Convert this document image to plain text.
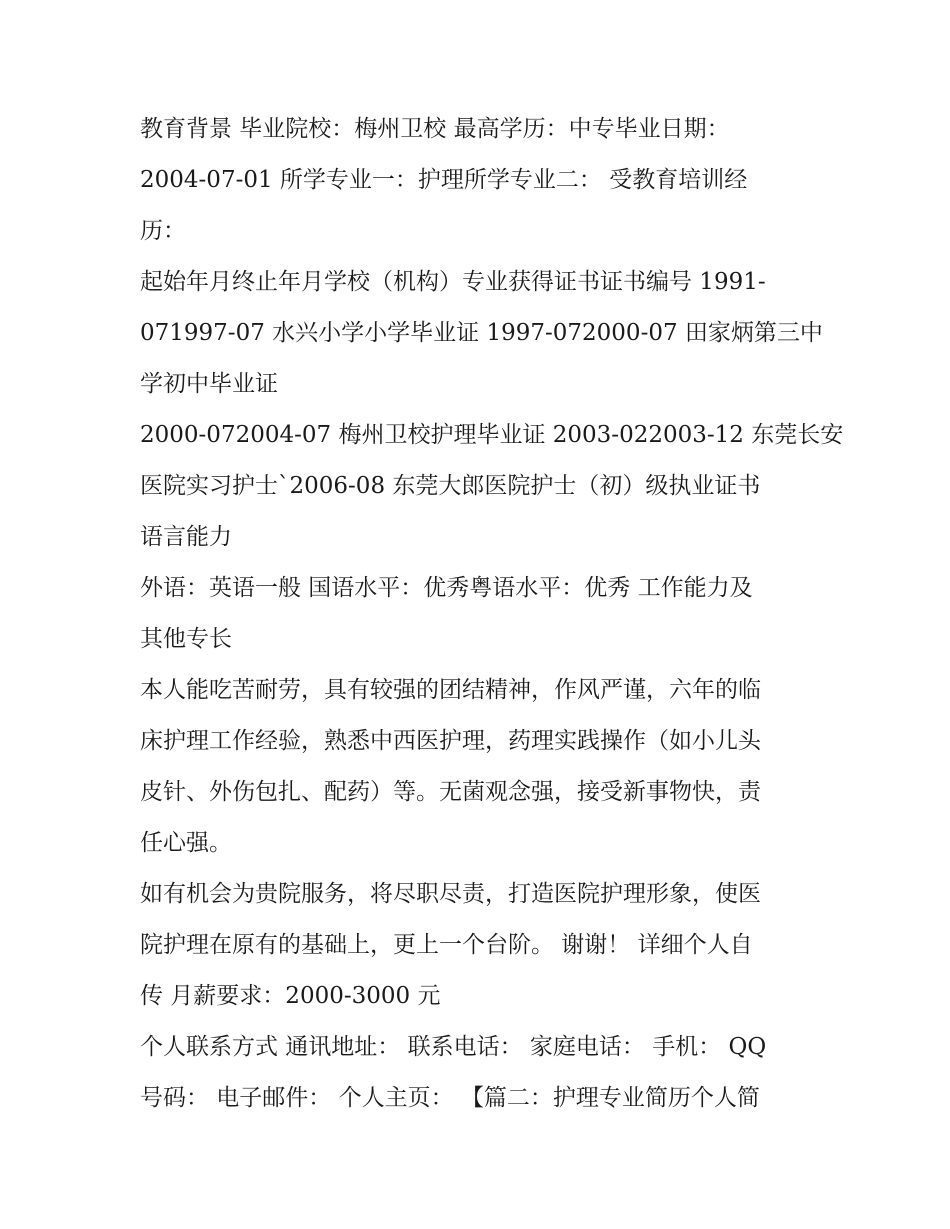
教育背景 毕业院校：梅州卫校 最高学历：中专毕业日期：
2004-07-01 所学专业一：护理所学专业二： 受教育培训经
历：
起始年月终止年月学校（机构）专业获得证书证书编号 1991-
071997-07 水兴小学小学毕业证 1997-072000-07 田家炳第三中
学初中毕业证
2000-072004-07 梅州卫校护理毕业证 2003-022003-12 东莞长安
医院实习护士`2006-08 东莞大郎医院护士（初）级执业证书
语言能力
外语：英语一般 国语水平：优秀粤语水平：优秀 工作能力及
其他专长
本人能吃苦耐劳，具有较强的团结精神，作风严谨，六年的临
床护理工作经验，熟悉中西医护理，药理实践操作（如小儿头
皮针、外伤包扎、配药）等。无菌观念强，接受新事物快，责
任心强。
如有机会为贵院服务，将尽职尽责，打造医院护理形象，使医
院护理在原有的基础上，更上一个台阶。 谢谢！ 详细个人自
传 月薪要求：2000-3000 元
个人联系方式 通讯地址： 联系电话： 家庭电话： 手机： QQ
号码： 电子邮件： 个人主页： 【篇二：护理专业简历个人简
